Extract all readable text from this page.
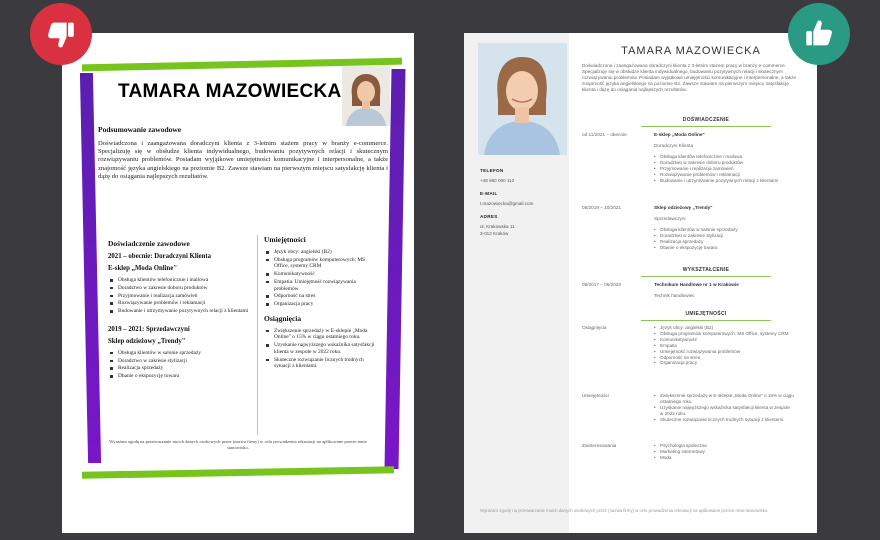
TAMARA MAZOWIECKA
Podsumowanie zawodowe
Doświadczona i zaangażowana doradczyni klienta z 3-letnim stażem pracy w branży e-commerce. Specjalizuję się w obsłudze klienta indywidualnego, budowaniu pozytywnych relacji i skutecznym rozwiązywaniu problemów. Posiadam wyjątkowe umiejętności komunikacyjne i interpersonalne, a także znajomość języka angielskiego na poziomie B2. Zawsze stawiam na pierwszym miejscu satysfakcję klienta i dążę do osiągania najlepszych rezultatów.
Doświadczenie zawodowe
2021 – obecnie: Doradczyni Klienta
E-sklep „Moda Online"
Obsługa klientów telefonicznie i mailowa
Doradztwo w zakresie doboru produktów
Przyjmowanie i realizacja zamówień
Rozwiązywanie problemów i reklamacji
Budowanie i utrzymywanie pozytywnych relacji z klientami
2019 – 2021: Sprzedawczyni
Sklep odzieżowy „Trendy"
Obsługa klientów w salonie sprzedaży
Doradztwo w zakresie stylizacji
Realizacja sprzedaży
Dbanie o ekspozycję towaru
Umiejętności
Język obcy: angielski (B2)
Obsługa programów komputerowych: MS Office, systemy CRM
Komunikatywność
Empatia. Umiejętność rozwiązywania problemów
Odporność na stres
Organizacja pracy
Osiągnięcia
Zwiększenie sprzedaży w E-sklepie „Moda Online" o 15% w ciągu ostatniego roku.
Uzyskanie najwyższego wskaźnika satysfakcji klienta w zespole w 2022 roku.
Skuteczne rozwiązanie licznych trudnych sytuacji z klientami.
Wyrażam zgodę na przetwarzanie moich danych osobowych przez (nazwa firmy) w celu prowadzenia rekrutacji na aplikowane przeze mnie stanowisko.
TELEFON
+48 660 000 112
E-MAIL
t.mazowiecka@gmail.com
ADRES
ul. Krakowska 11
3-012 Kraków
TAMARA MAZOWIECKA
Doświadczona i zaangażowana doradczyni klienta z 3-letnim stażem pracy w branży e-commerce. Specjalizuję się w obsłudze klienta indywidualnego, budowaniu pozytywnych relacji i skutecznym rozwiązywaniu problemów. Posiadam wyjątkowe umiejętności komunikacyjne i interpersonalne, a także znajomość języka angielskiego na poziomie B2. Zawsze stawiam na pierwszym miejscu satysfakcję klienta i dążę do osiągania najlepszych rezultatów.
DOŚWIADCZENIE
od 11/2021 – obecnie	E-sklep „Moda Online"
Doradczyni Klienta
• Obsługa klientów telefonicznie i mailowa
• Doradztwo w zakresie doboru produktów
• Przyjmowanie i realizacja zamówień
• Rozwiązywanie problemów i reklamacji
• Budowanie i utrzymywanie pozytywnych relacji z klientami
05/2019 – 10/2021	Sklep odzieżowy „Trendy"
Sprzedawczyni
• Obsługa klientów w salonie sprzedaży
• Doradztwo w zakresie stylizacji
• Realizacja sprzedaży
• Dbanie o ekspozycję towaru
WYKSZTAŁCENIE
09/2017 – 06/2020	Technikum Handlowe nr 1 w Krakowie
Technik handlowiec
UMIEJĘTNOŚCI
Osiągnięcia	• Język obcy: angielski (B2)
• Obsługa programów komputerowych: MS Office, systemy CRM
• Komunikatywność
• Empatia
• Umiejętność rozwiązywania problemów
• Odporność na stres
• Organizacja pracy
Umiejętności	• Zwiększenie sprzedaży w E-sklepie „Moda Online" o 15% w ciągu ostatniego roku.
• Uzyskanie najwyższego wskaźnika satysfakcji klienta w zespole w 2022 roku.
• Skuteczne rozwiązanie licznych trudnych sytuacji z klientami.
Zainteresowania	• Psychologia społeczna
• Marketing internetowy
• Moda
Wyrażam zgodę na przetwarzanie moich danych osobowych przez (nazwa firmy) w celu prowadzenia rekrutacji na aplikowane przeze mnie stanowisko.
